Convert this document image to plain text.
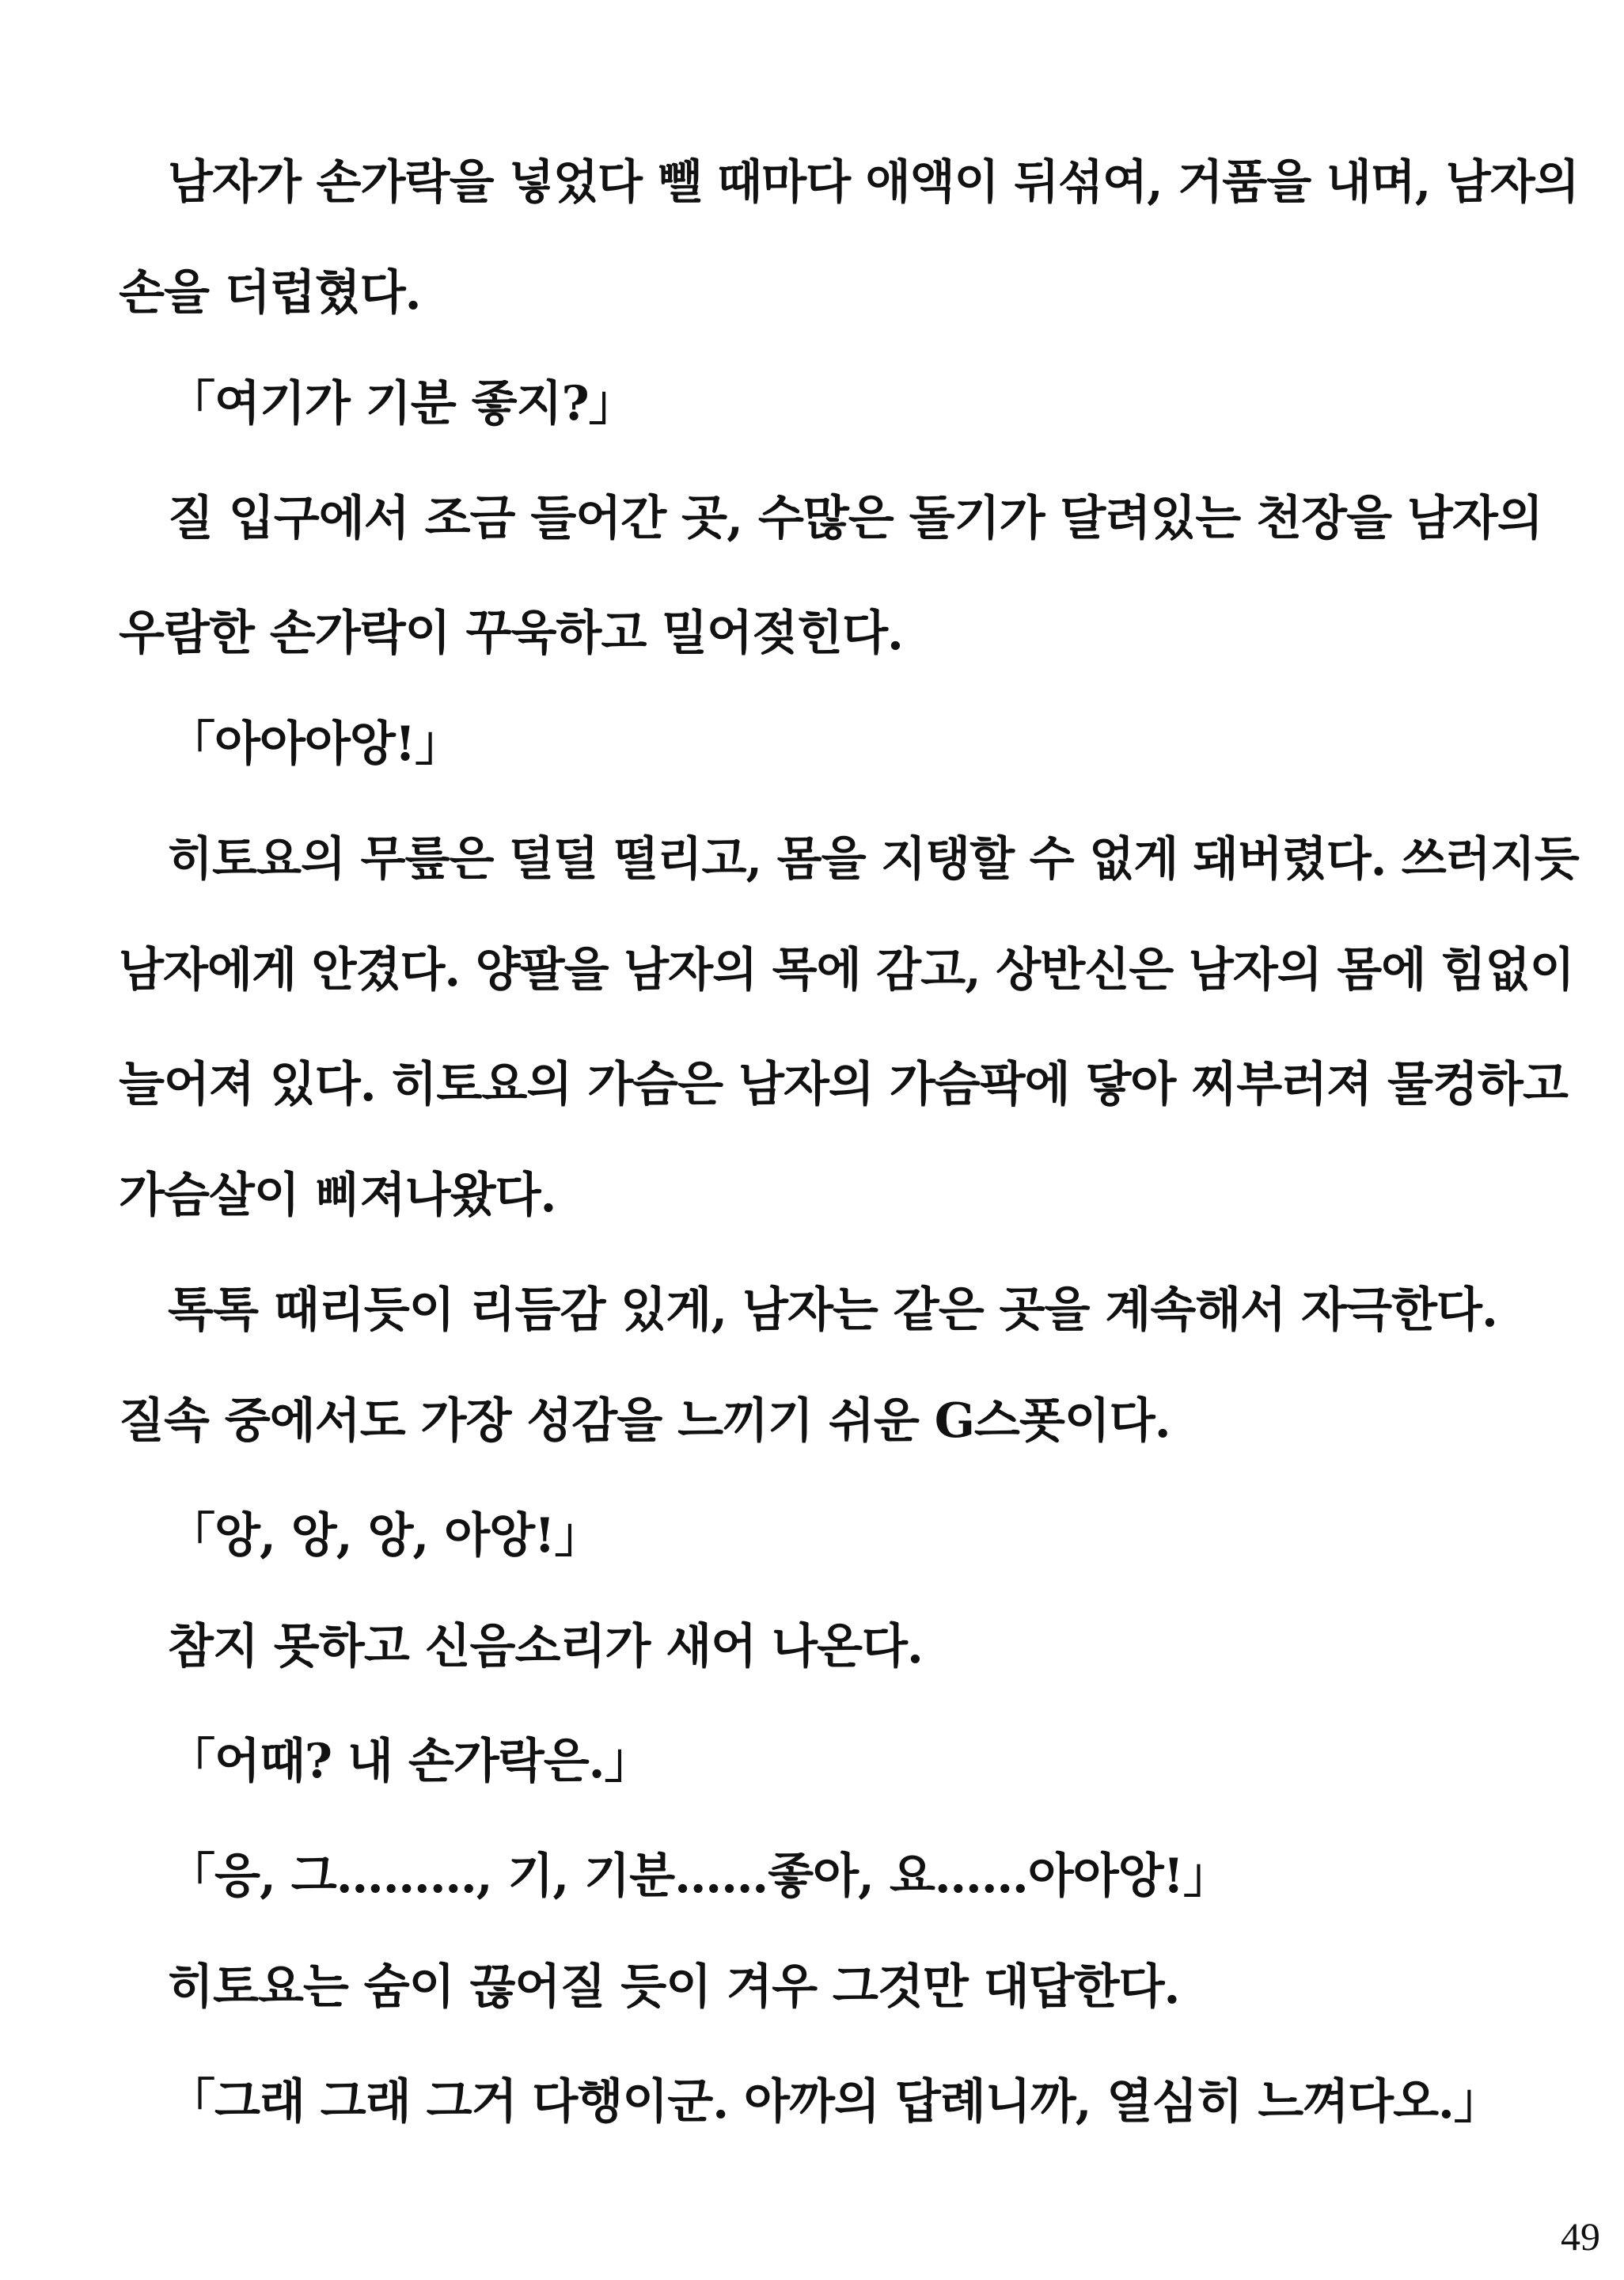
남자가 손가락을 넣었다 뺄 때마다 애액이 뒤섞여, 거품을 내며, 남자의
손을 더럽혔다.
「여기가 기분 좋지?」
질 입구에서 조금 들어간 곳, 수많은 돌기가 달려있는 천장을 남자의
우람한 손가락이 꾸욱하고 밀어젖힌다.
「아아아앙!」
히토요의 무릎은 덜덜 떨리고, 몸을 지탱할 수 없게 돼버렸다. 쓰러지듯
남자에게 안겼다. 양팔을 남자의 목에 감고, 상반신은 남자의 몸에 힘없이
늘어져 있다. 히토요의 가슴은 남자의 가슴팍에 닿아 찌부러져 물컹하고
가슴살이 삐져나왔다.
톡톡 때리듯이 리듬감 있게, 남자는 같은 곳을 계속해서 자극한다.
질속 중에서도 가장 성감을 느끼기 쉬운 G스폿이다.
「앙, 앙, 앙, 아앙!」
참지 못하고 신음소리가 새어 나온다.
「어때? 내 손가락은.」
「응, 그………, 기, 기분……좋아, 요……아아앙!」
히토요는 숨이 끊어질 듯이 겨우 그것만 대답한다.
「그래 그래 그거 다행이군. 아까의 답례니까, 열심히 느껴다오.」
49
